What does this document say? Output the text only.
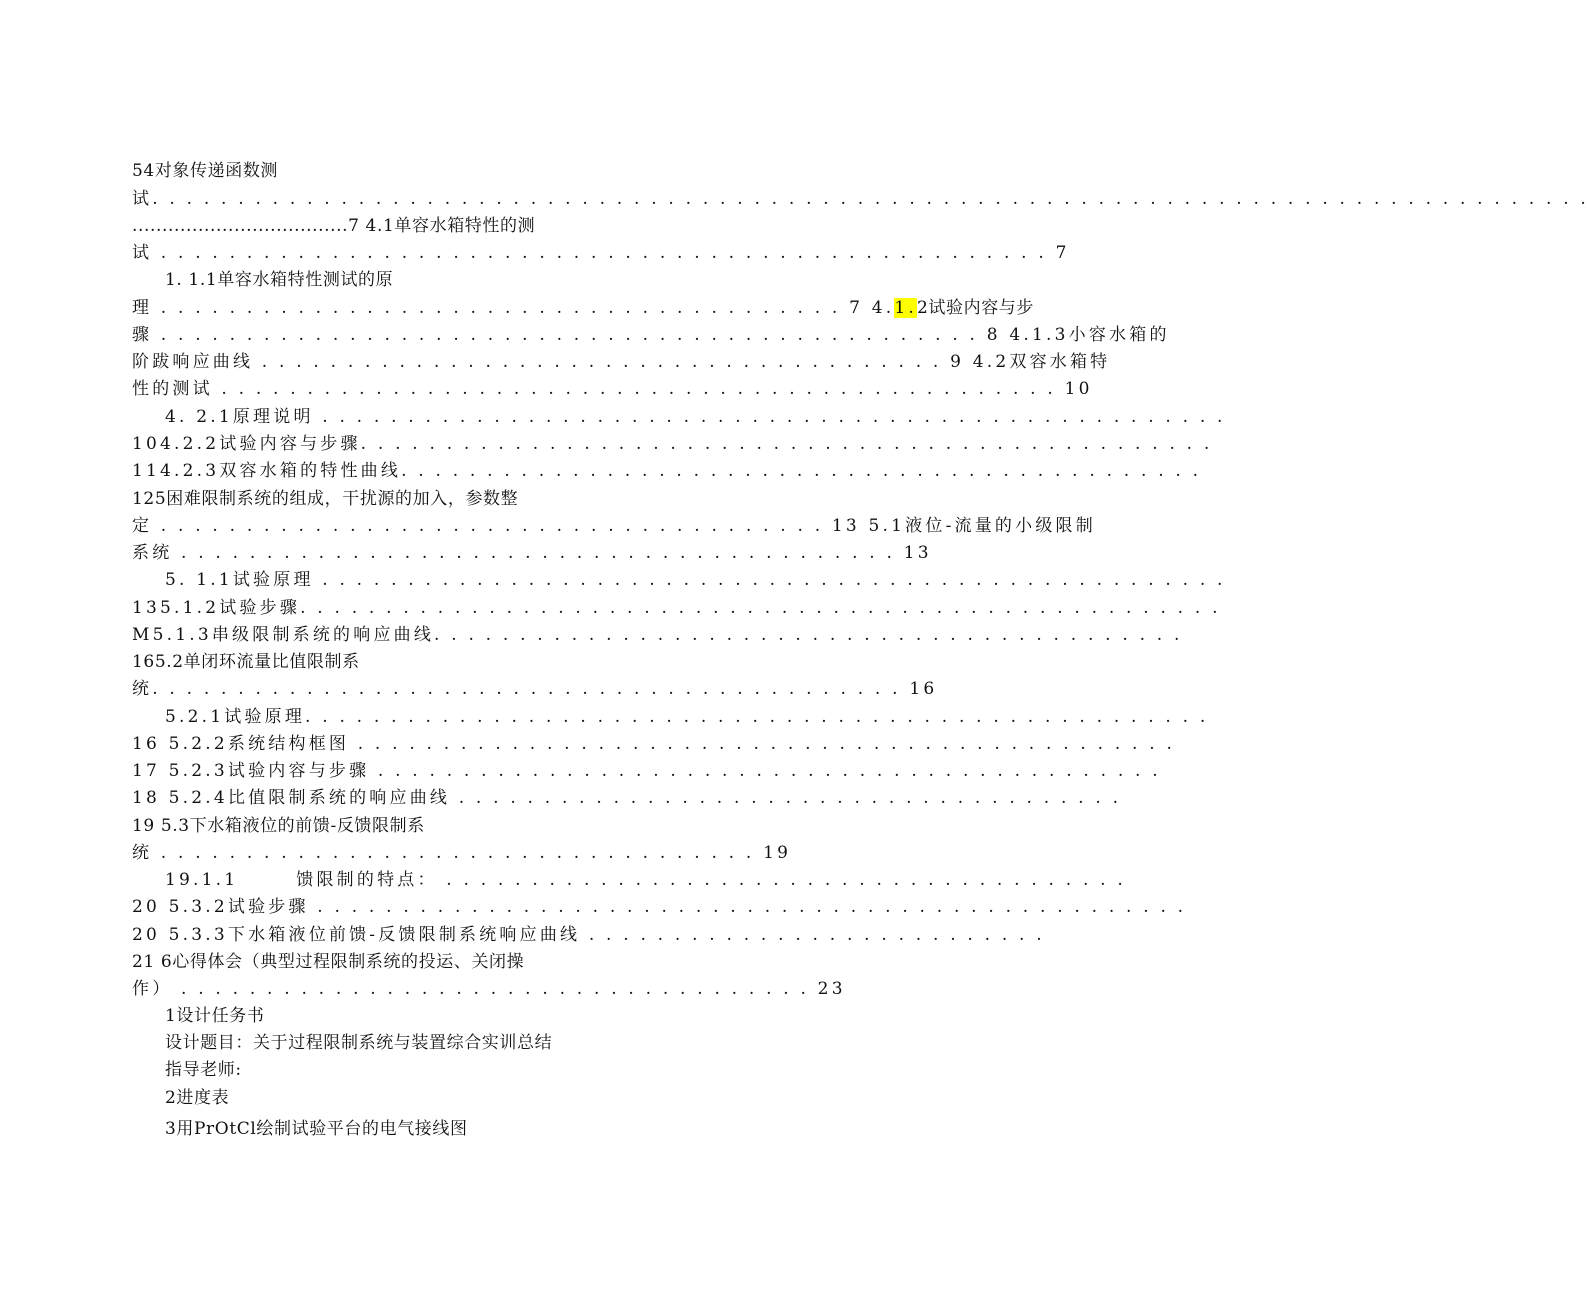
54对象传递函数测
试. . . . . . . . . . . . . . . . . . . . . . . . . . . . . . . . . . . . . . . . . . . . . . . . . . . . . . . . . . . . . . . . . . . . . . . . . . . . . . . . . . . .
....................................7 4.1单容水箱特性的测
试 . . . . . . . . . . . . . . . . . . . . . . . . . . . . . . . . . . . . . . . . . . . . . . . . . . . . 7
1. 1.1单容水箱特性测试的原
理 . . . . . . . . . . . . . . . . . . . . . . . . . . . . . . . . . . . . . . . . 7 4.1.2试验内容与步
骤 . . . . . . . . . . . . . . . . . . . . . . . . . . . . . . . . . . . . . . . . . . . . . . . . 8 4.1.3小容水箱的
阶跋响应曲线 . . . . . . . . . . . . . . . . . . . . . . . . . . . . . . . . . . . . . . . . 9 4.2双容水箱特
性的测试 . . . . . . . . . . . . . . . . . . . . . . . . . . . . . . . . . . . . . . . . . . . . . . . . . 10
4. 2.1原理说明 . . . . . . . . . . . . . . . . . . . . . . . . . . . . . . . . . . . . . . . . . . . . . . . . . . . . .
104.2.2试验内容与步骤. . . . . . . . . . . . . . . . . . . . . . . . . . . . . . . . . . . . . . . . . . . . . . . . . .
114.2.3双容水箱的特性曲线. . . . . . . . . . . . . . . . . . . . . . . . . . . . . . . . . . . . . . . . . . . . . . .
125困难限制系统的组成，干扰源的加入，参数整
定 . . . . . . . . . . . . . . . . . . . . . . . . . . . . . . . . . . . . . . . 13 5.1液位-流量的小级限制
系统 . . . . . . . . . . . . . . . . . . . . . . . . . . . . . . . . . . . . . . . . . . 13
5. 1.1试验原理 . . . . . . . . . . . . . . . . . . . . . . . . . . . . . . . . . . . . . . . . . . . . . . . . . . . . .
135.1.2试验步骤. . . . . . . . . . . . . . . . . . . . . . . . . . . . . . . . . . . . . . . . . . . . . . . . . . . . . .
M5.1.3串级限制系统的响应曲线. . . . . . . . . . . . . . . . . . . . . . . . . . . . . . . . . . . . . . . . . . . .
165.2单闭环流量比值限制系
统. . . . . . . . . . . . . . . . . . . . . . . . . . . . . . . . . . . . . . . . . . . . 16
5.2.1试验原理. . . . . . . . . . . . . . . . . . . . . . . . . . . . . . . . . . . . . . . . . . . . . . . . . . . . .
16 5.2.2系统结构框图 . . . . . . . . . . . . . . . . . . . . . . . . . . . . . . . . . . . . . . . . . . . . . . . .
17 5.2.3试验内容与步骤 . . . . . . . . . . . . . . . . . . . . . . . . . . . . . . . . . . . . . . . . . . . . . .
18 5.2.4比值限制系统的响应曲线 . . . . . . . . . . . . . . . . . . . . . . . . . . . . . . . . . . . . . . .
19 5.3下水箱液位的前馈-反馈限制系
统 . . . . . . . . . . . . . . . . . . . . . . . . . . . . . . . . . . . 19
19.1.1	馈限制的特点： . . . . . . . . . . . . . . . . . . . . . . . . . . . . . . . . . . . . . . . .
20 5.3.2试验步骤 . . . . . . . . . . . . . . . . . . . . . . . . . . . . . . . . . . . . . . . . . . . . . . . . . . .
20 5.3.3下水箱液位前馈-反馈限制系统响应曲线 . . . . . . . . . . . . . . . . . . . . . . . . . . .
21 6心得体会（典型过程限制系统的投运、关闭操
作） . . . . . . . . . . . . . . . . . . . . . . . . . . . . . . . . . . . . . 23
1设计任务书
设计题目：关于过程限制系统与装置综合实训总结
指导老师:
2进度表
3用PrOtCl绘制试验平台的电气接线图
